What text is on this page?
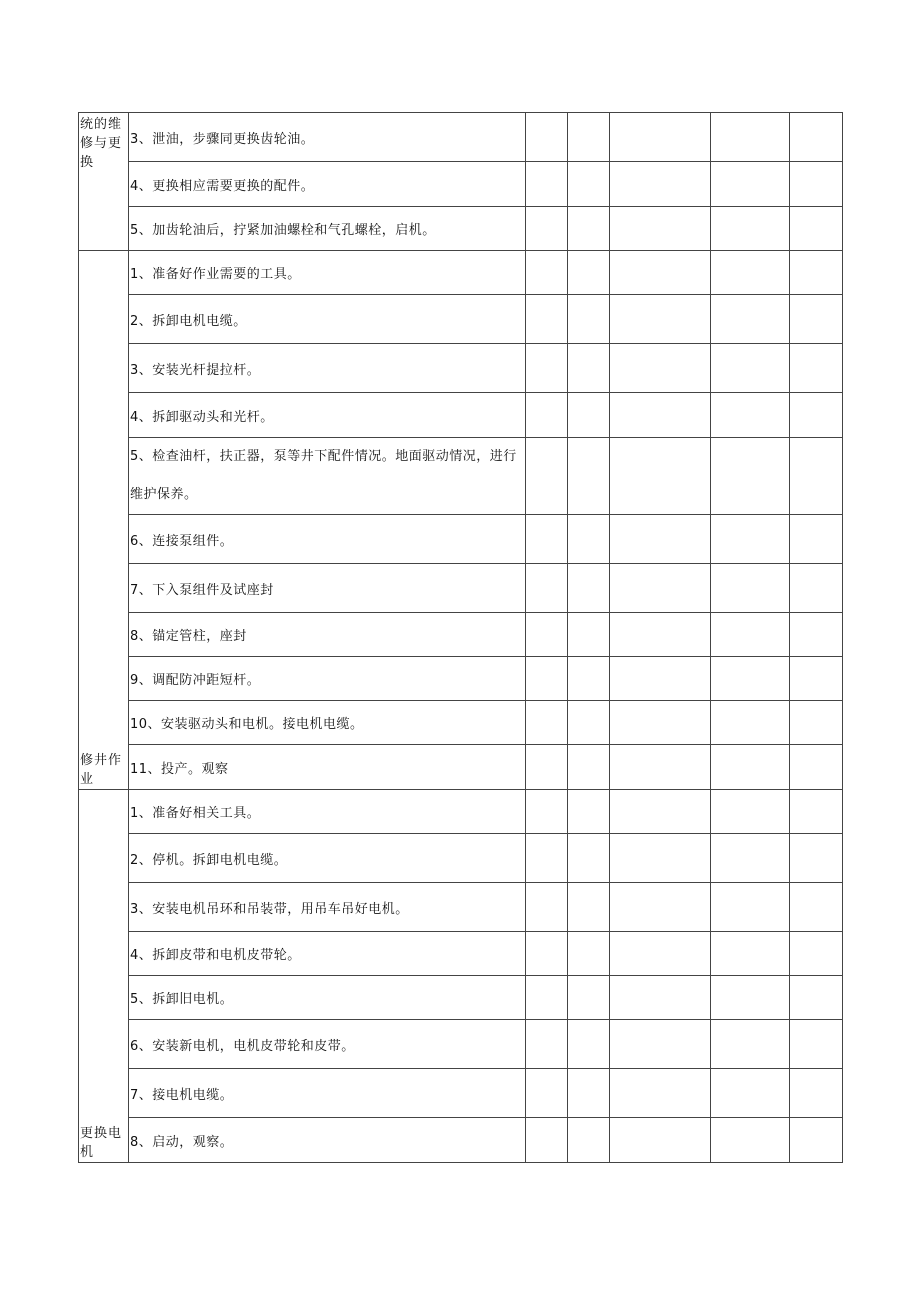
统的维修与更换	3、泄油，步骤同更换齿轮油。					
	4、更换相应需要更换的配件。					
	5、加齿轮油后，拧紧加油螺栓和气孔螺栓，启机。					
修井作业	1、准备好作业需要的工具。					
	2、拆卸电机电缆。					
	3、安装光杆提拉杆。					
	4、拆卸驱动头和光杆。					
	5、检查油杆，扶正器，泵等井下配件情况。地面驱动情况，进行维护保养。					
	6、连接泵组件。					
	7、下入泵组件及试座封					
	8、锚定管柱，座封					
	9、调配防冲距短杆。					
	10、安装驱动头和电机。接电机电缆。					
	11、投产。观察					
更换电机	1、准备好相关工具。					
	2、停机。拆卸电机电缆。					
	3、安装电机吊环和吊装带，用吊车吊好电机。					
	4、拆卸皮带和电机皮带轮。					
	5、拆卸旧电机。					
	6、安装新电机，电机皮带轮和皮带。					
	7、接电机电缆。					
	8、启动，观察。					
